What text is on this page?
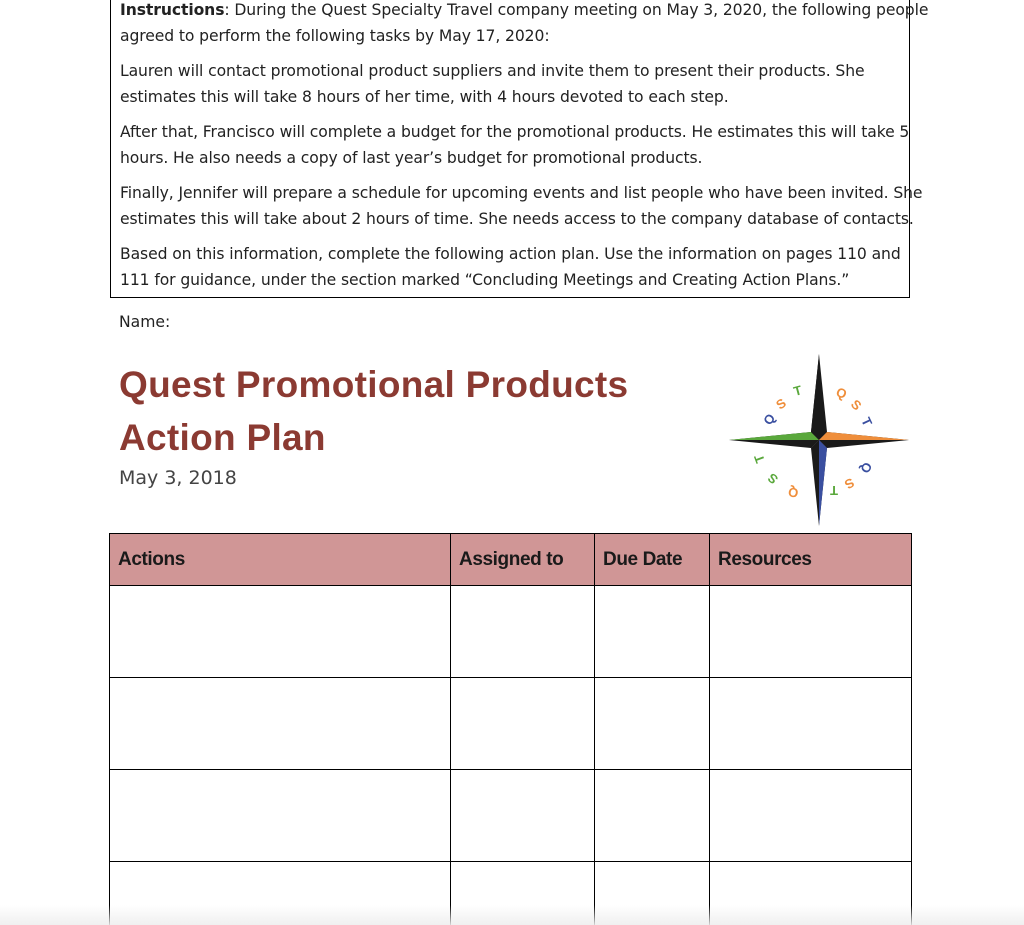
Instructions: During the Quest Specialty Travel company meeting on May 3, 2020, the following people
agreed to perform the following tasks by May 17, 2020:

Lauren will contact promotional product suppliers and invite them to present their products. She
estimates this will take 8 hours of her time, with 4 hours devoted to each step.

After that, Francisco will complete a budget for the promotional products. He estimates this will take 5
hours. He also needs a copy of last year’s budget for promotional products.

Finally, Jennifer will prepare a schedule for upcoming events and list people who have been invited. She
estimates this will take about 2 hours of time. She needs access to the company database of contacts.

Based on this information, complete the following action plan. Use the information on pages 110 and
111 for guidance, under the section marked “Concluding Meetings and Creating Action Plans.”

Name:
Quest Promotional Products
Action Plan
May 3, 2018
Q
S
T Q
S
T
T
S
Q T S
Q
Actions	Assigned to	Due Date	Resources
